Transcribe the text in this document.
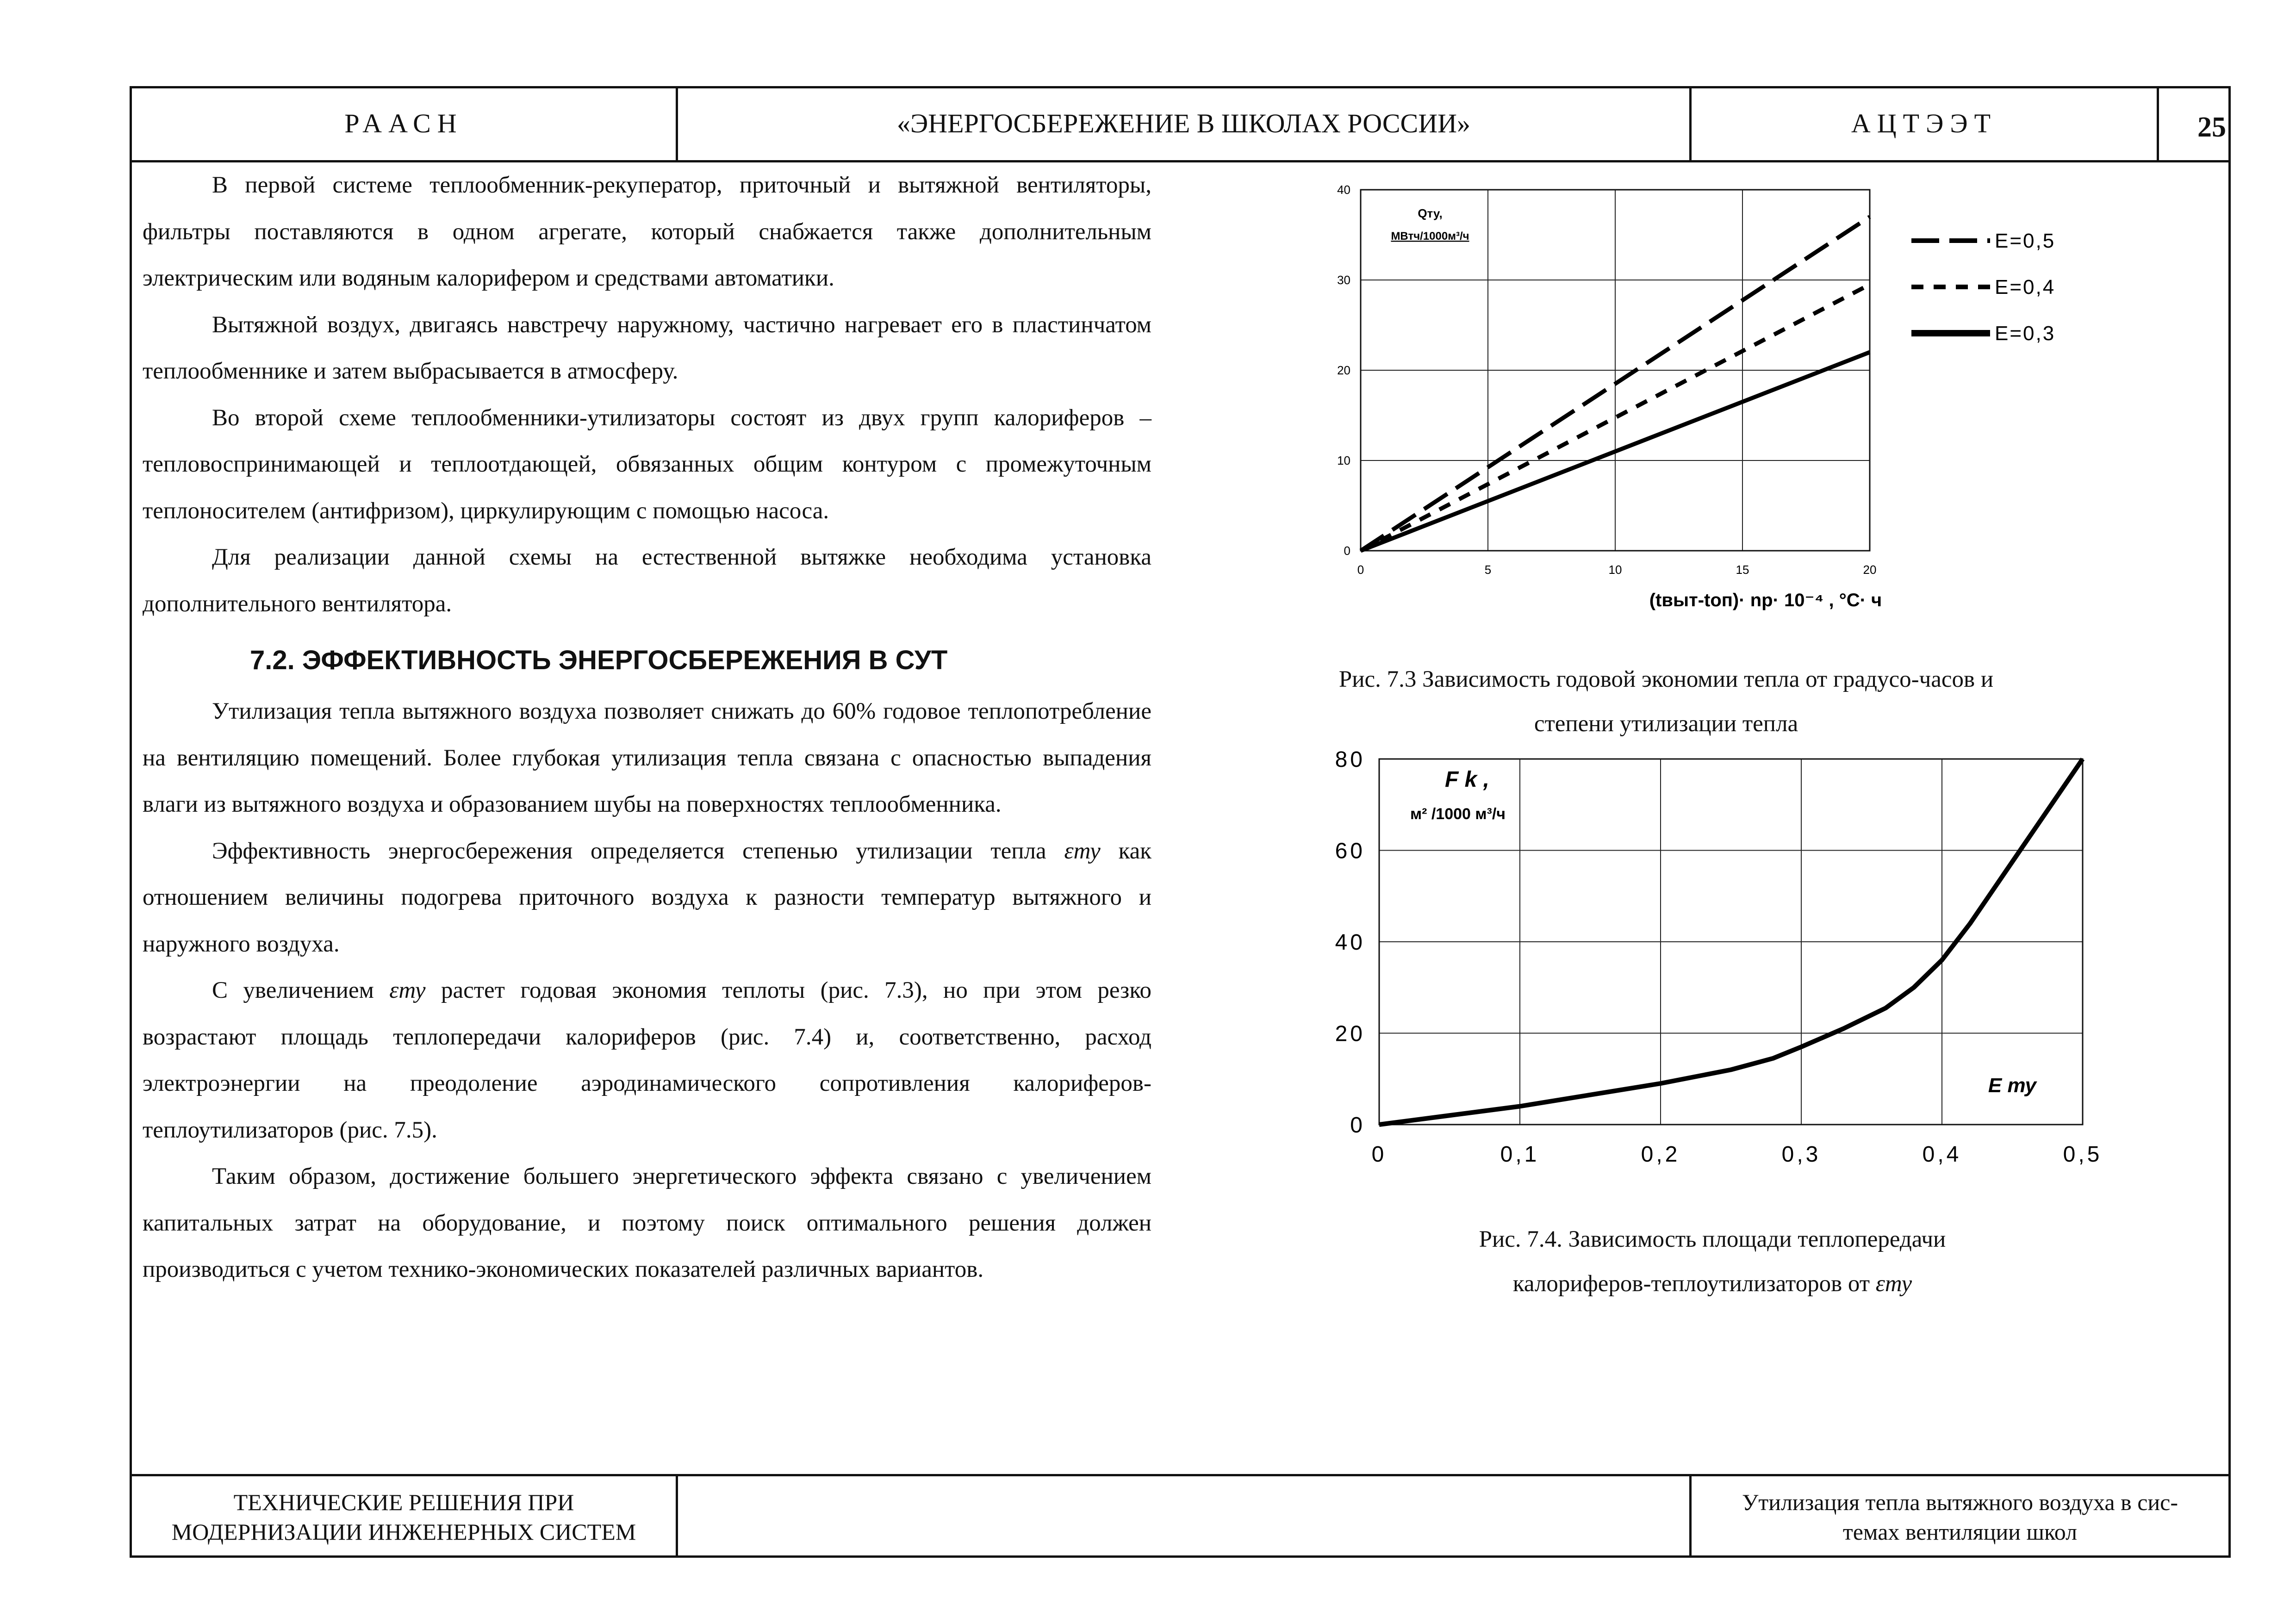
РААСН	«ЭНЕРГОСБЕРЕЖЕНИЕ В ШКОЛАХ РОССИИ»	АЦТЭЭТ	25

В первой системе теплообменник-рекуператор, приточный и вытяжной вентиляторы, фильтры поставляются в одном агрегате, который снабжается также дополнительным электрическим или водяным калорифером и средствами автоматики.

Вытяжной воздух, двигаясь навстречу наружному, частично нагревает его в пластинчатом теплообменнике и затем выбрасывается в атмосферу.

Во второй схеме теплообменники-утилизаторы состоят из двух групп калориферов – тепловоспринимающей и теплоотдающей, обвязанных общим контуром с промежуточным теплоносителем (антифризом), циркулирующим с помощью насоса.

Для реализации данной схемы на естественной вытяжке необходима установка дополнительного вентилятора.

7.2. ЭФФЕКТИВНОСТЬ ЭНЕРГОСБЕРЕЖЕНИЯ В СУТ

Утилизация тепла вытяжного воздуха позволяет снижать до 60% годовое теплопотребление на вентиляцию помещений. Более глубокая утилизация тепла связана с опасностью выпадения влаги из вытяжного воздуха и образованием шубы на поверхностях теплообменника.

Эффективность энергосбережения определяется степенью утилизации тепла εту как отношением величины подогрева приточного воздуха к разности температур вытяжного и наружного воздуха.

С увеличением εту растет годовая экономия теплоты (рис. 7.3), но при этом резко возрастают площадь теплопередачи калориферов (рис. 7.4) и, соответственно, расход электроэнергии на преодоление аэродинамического сопротивления калориферов-теплоутилизаторов (рис. 7.5).

Таким образом, достижение большего энергетического эффекта связано с увеличением капитальных затрат на оборудование, и поэтому поиск оптимального решения должен производиться с учетом технико-экономических показателей различных вариантов.

0	5	10	15	20
0
10
20
30
40
Qту,
МВтч/1000м³/ч
(tвыт-tоп)· nр· 10⁻⁴ , °С· ч
E=0,5
E=0,4
E=0,3
Рис. 7.3 Зависимость годовой экономии тепла от градусо-часов и
степени утилизации тепла
0	0,1	0,2	0,3	0,4	0,5
0
20
40
60
80
F k ,
м² /1000 м³/ч
E ту
Рис. 7.4. Зависимость площади теплопередачи
калориферов-теплоутилизаторов от εту
ТЕХНИЧЕСКИЕ РЕШЕНИЯ ПРИ
МОДЕРНИЗАЦИИ ИНЖЕНЕРНЫХ СИСТЕМ
Утилизация тепла вытяжного воздуха в сис-
темах вентиляции школ
